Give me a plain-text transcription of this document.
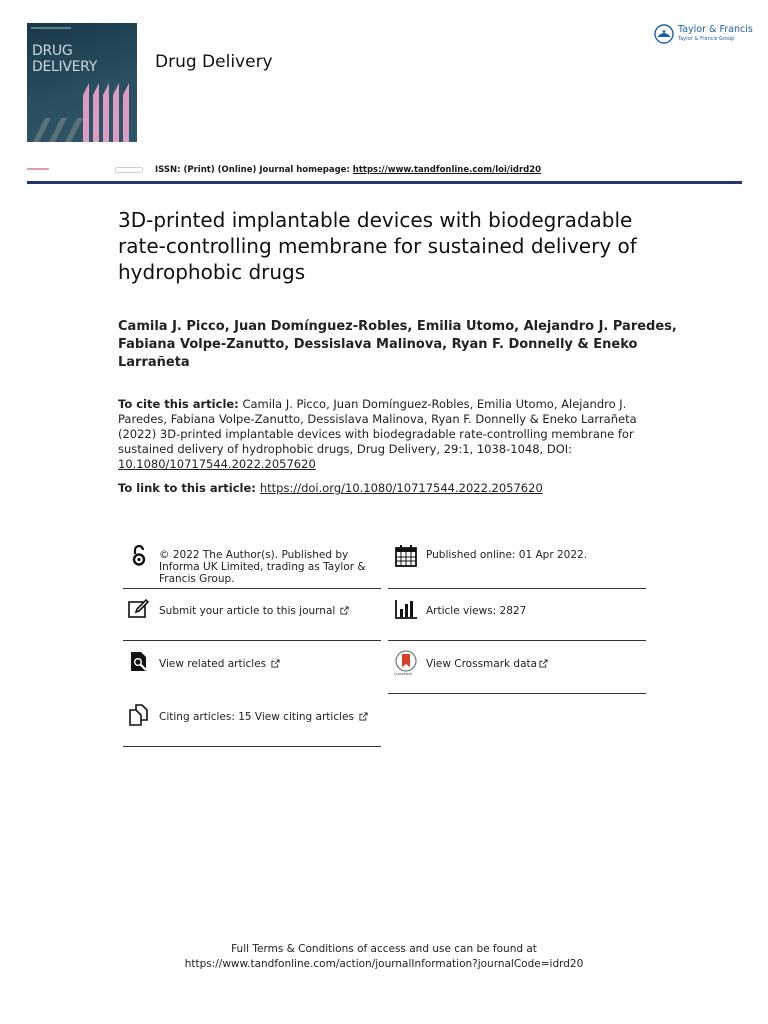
DRUG
DELIVERY	Drug Delivery
Taylor & Francis
Taylor & Francis Group
ISSN: (Print) (Online) Journal homepage: https://www.tandfonline.com/loi/idrd20
3D-printed implantable devices with biodegradable rate-controlling membrane for sustained delivery of hydrophobic drugs
Camila J. Picco, Juan Domínguez-Robles, Emilia Utomo, Alejandro J. Paredes, Fabiana Volpe-Zanutto, Dessislava Malinova, Ryan F. Donnelly & Eneko Larrañeta
To cite this article: Camila J. Picco, Juan Domínguez-Robles, Emilia Utomo, Alejandro J. Paredes, Fabiana Volpe-Zanutto, Dessislava Malinova, Ryan F. Donnelly & Eneko Larrañeta (2022) 3D-printed implantable devices with biodegradable rate-controlling membrane for sustained delivery of hydrophobic drugs, Drug Delivery, 29:1, 1038-1048, DOI: 10.1080/10717544.2022.2057620
To link to this article: https://doi.org/10.1080/10717544.2022.2057620
© 2022 The Author(s). Published by Informa UK Limited, trading as Taylor & Francis Group.
Submit your article to this journal
View related articles
Citing articles: 15 View citing articles
Published online: 01 Apr 2022.
Article views: 2827
CrossMark
View Crossmark data
Full Terms & Conditions of access and use can be found at
https://www.tandfonline.com/action/journalInformation?journalCode=idrd20
